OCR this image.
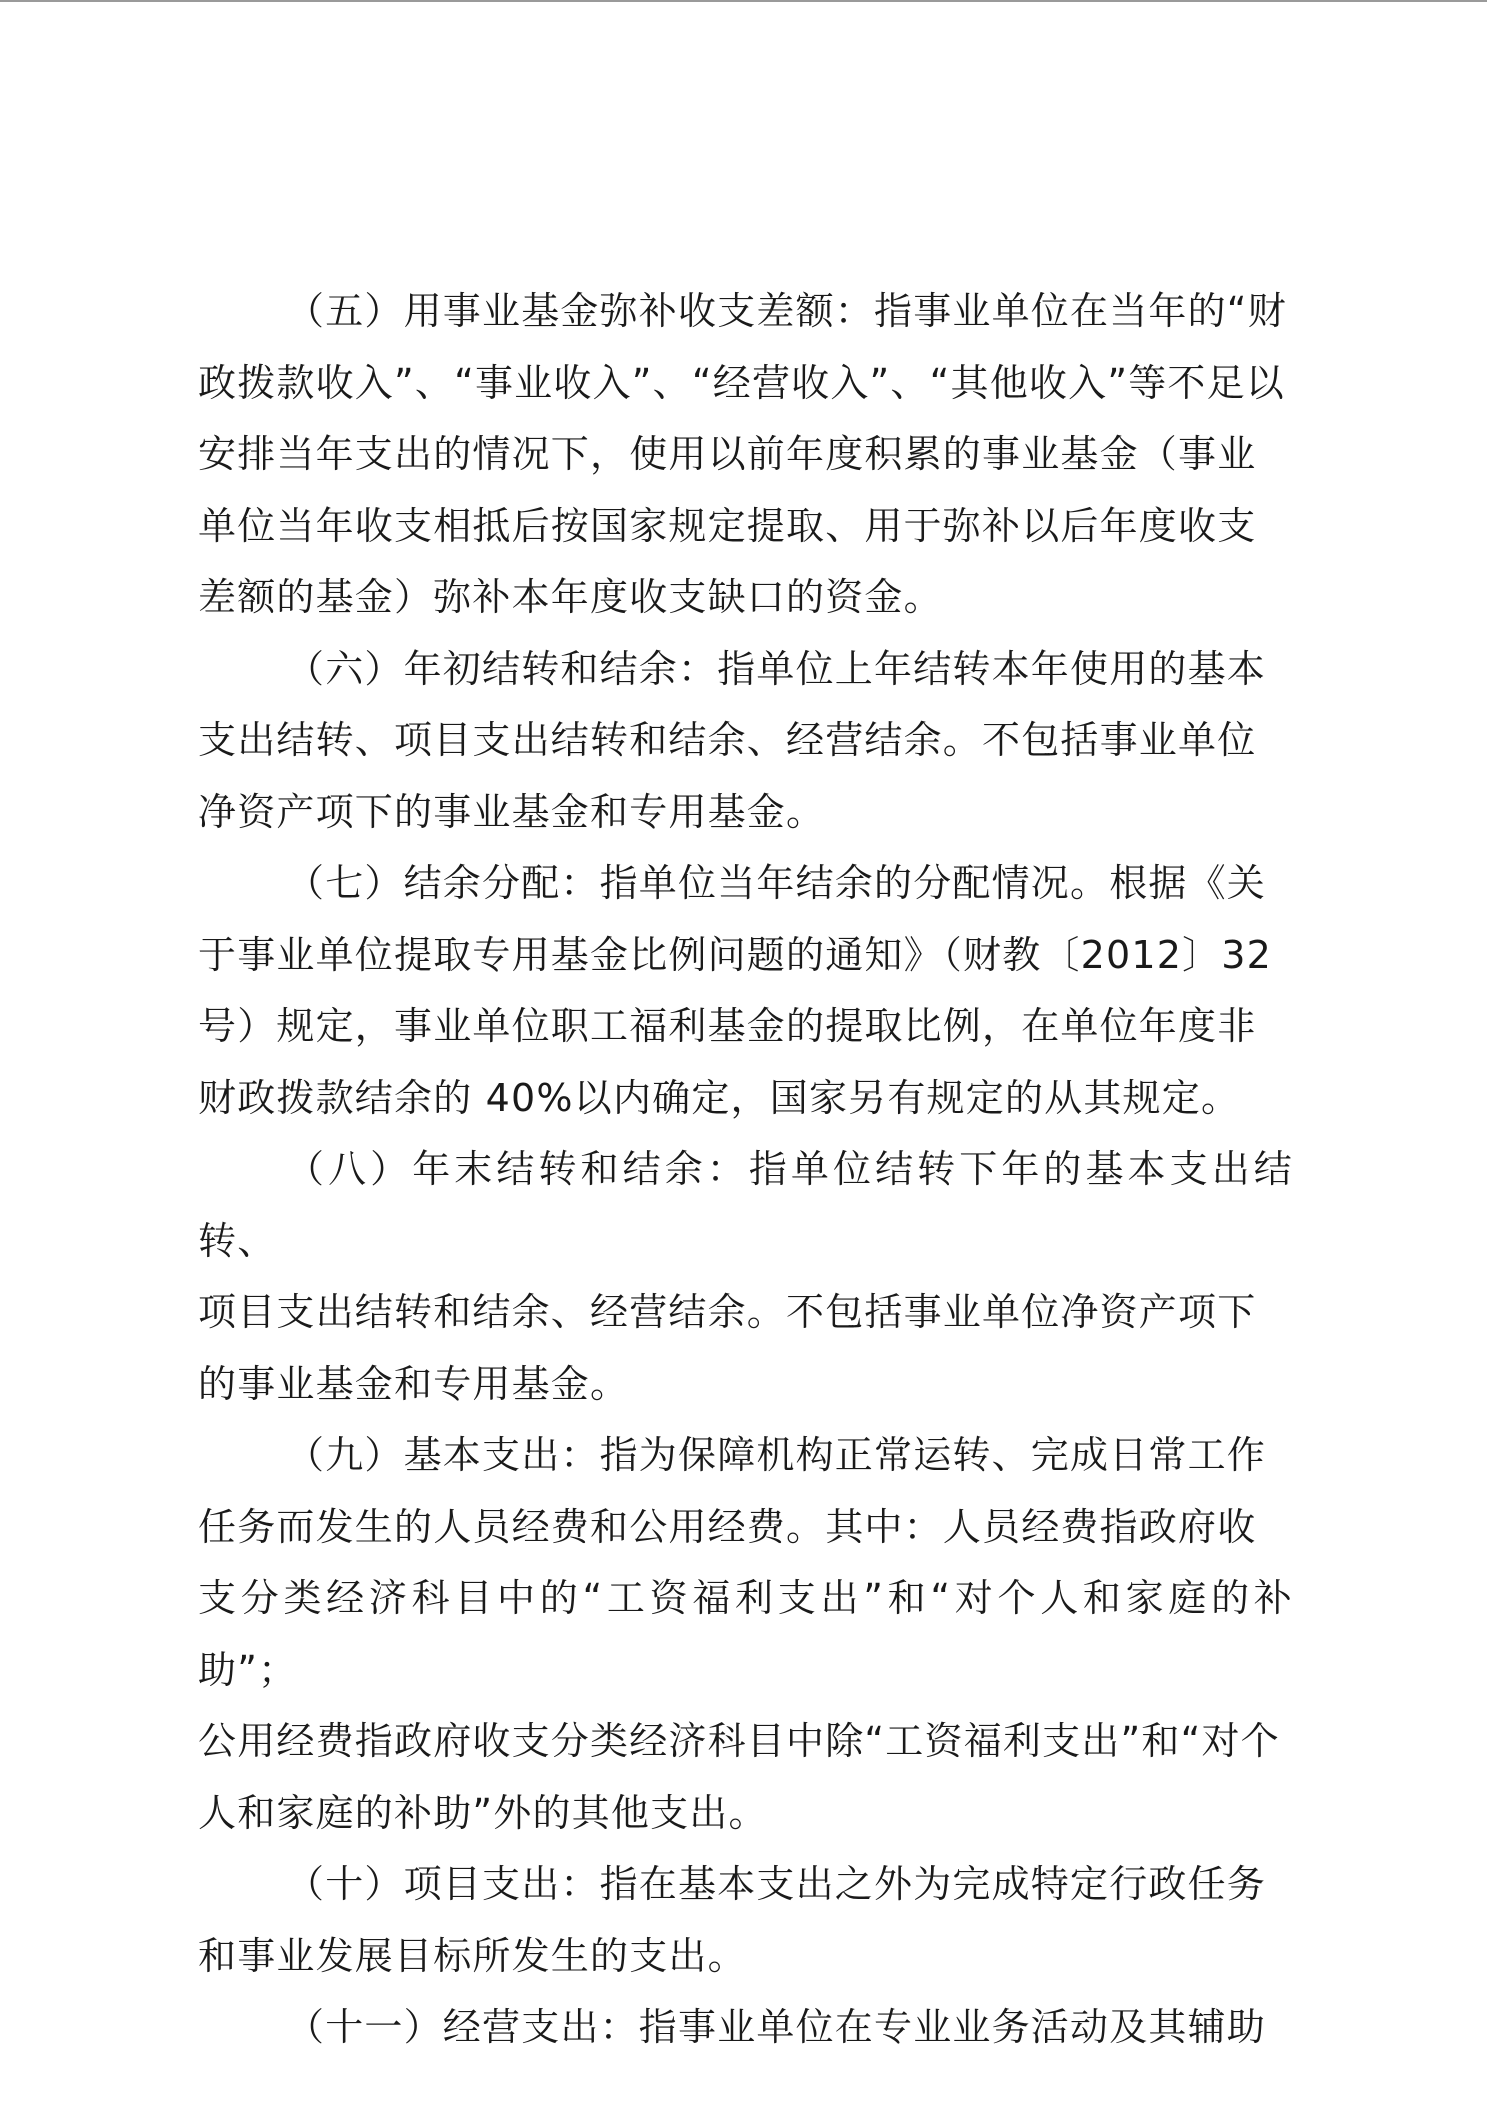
（五）用事业基金弥补收支差额：指事业单位在当年的“财
政拨款收入”、“事业收入”、“经营收入”、“其他收入”等不足以
安排当年支出的情况下，使用以前年度积累的事业基金（事业
单位当年收支相抵后按国家规定提取、用于弥补以后年度收支
差额的基金）弥补本年度收支缺口的资金。

（六）年初结转和结余：指单位上年结转本年使用的基本
支出结转、项目支出结转和结余、经营结余。不包括事业单位
净资产项下的事业基金和专用基金。

（七）结余分配：指单位当年结余的分配情况。根据《关
于事业单位提取专用基金比例问题的通知》（财教〔2012〕32
号）规定，事业单位职工福利基金的提取比例，在单位年度非
财政拨款结余的 40%以内确定，国家另有规定的从其规定。

（八）年末结转和结余：指单位结转下年的基本支出结转、
项目支出结转和结余、经营结余。不包括事业单位净资产项下
的事业基金和专用基金。

（九）基本支出：指为保障机构正常运转、完成日常工作
任务而发生的人员经费和公用经费。其中：人员经费指政府收
支分类经济科目中的“工资福利支出”和“对个人和家庭的补助”；
公用经费指政府收支分类经济科目中除“工资福利支出”和“对个
人和家庭的补助”外的其他支出。

（十）项目支出：指在基本支出之外为完成特定行政任务
和事业发展目标所发生的支出。

（十一）经营支出：指事业单位在专业业务活动及其辅助
